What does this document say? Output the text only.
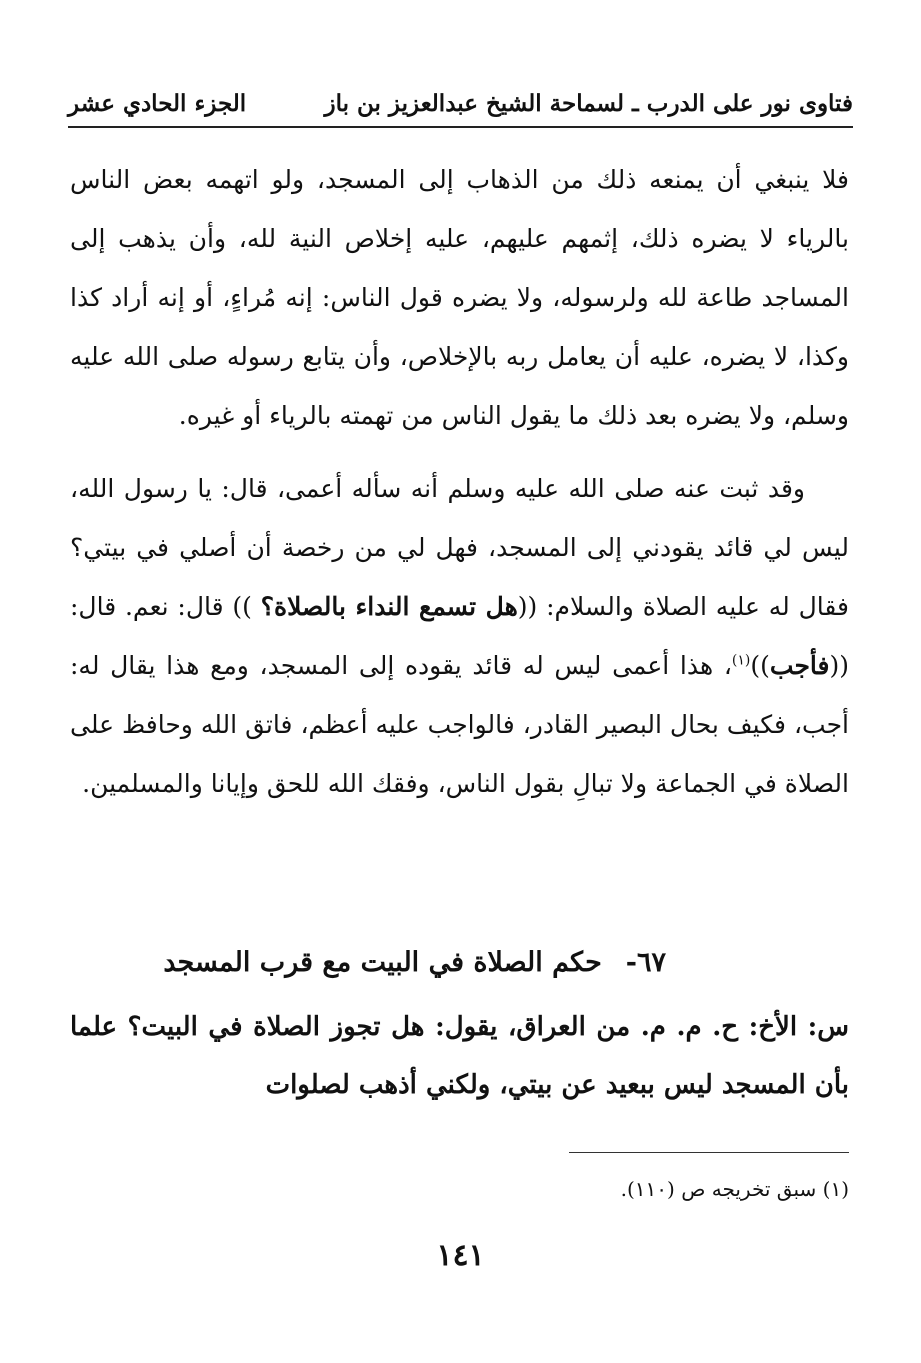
فتاوى نور على الدرب ـ لسماحة الشيخ عبدالعزيز بن باز
الجزء الحادي عشر

فلا ينبغي أن يمنعه ذلك من الذهاب إلى المسجد، ولو اتهمه بعض الناس بالرياء لا يضره ذلك، إثمهم عليهم، عليه إخلاص النية لله، وأن يذهب إلى المساجد طاعة لله ولرسوله، ولا يضره قول الناس: إنه مُراءٍ، أو إنه أراد كذا وكذا، لا يضره، عليه أن يعامل ربه بالإخلاص، وأن يتابع رسوله صلى الله عليه وسلم، ولا يضره بعد ذلك ما يقول الناس من تهمته بالرياء أو غيره.

وقد ثبت عنه صلى الله عليه وسلم أنه سأله أعمى، قال: يا رسول الله، ليس لي قائد يقودني إلى المسجد، فهل لي من رخصة أن أصلي في بيتي؟ فقال له عليه الصلاة والسلام: ((هل تسمع النداء بالصلاة؟ )) قال: نعم. قال: ((فأجب))$^{(١)}$، هذا أعمى ليس له قائد يقوده إلى المسجد، ومع هذا يقال له: أجب، فكيف بحال البصير القادر، فالواجب عليه أعظم، فاتق الله وحافظ على الصلاة في الجماعة ولا تبالِ بقول الناس، وفقك الله للحق وإيانا والمسلمين.

٦٧-حكم الصلاة في البيت مع قرب المسجد
س: الأخ: ح. م. م. من العراق، يقول: هل تجوز الصلاة في البيت؟ علما بأن المسجد ليس ببعيد عن بيتي، ولكني أذهب لصلوات
(١) سبق تخريجه ص (١١٠).
١٤١
